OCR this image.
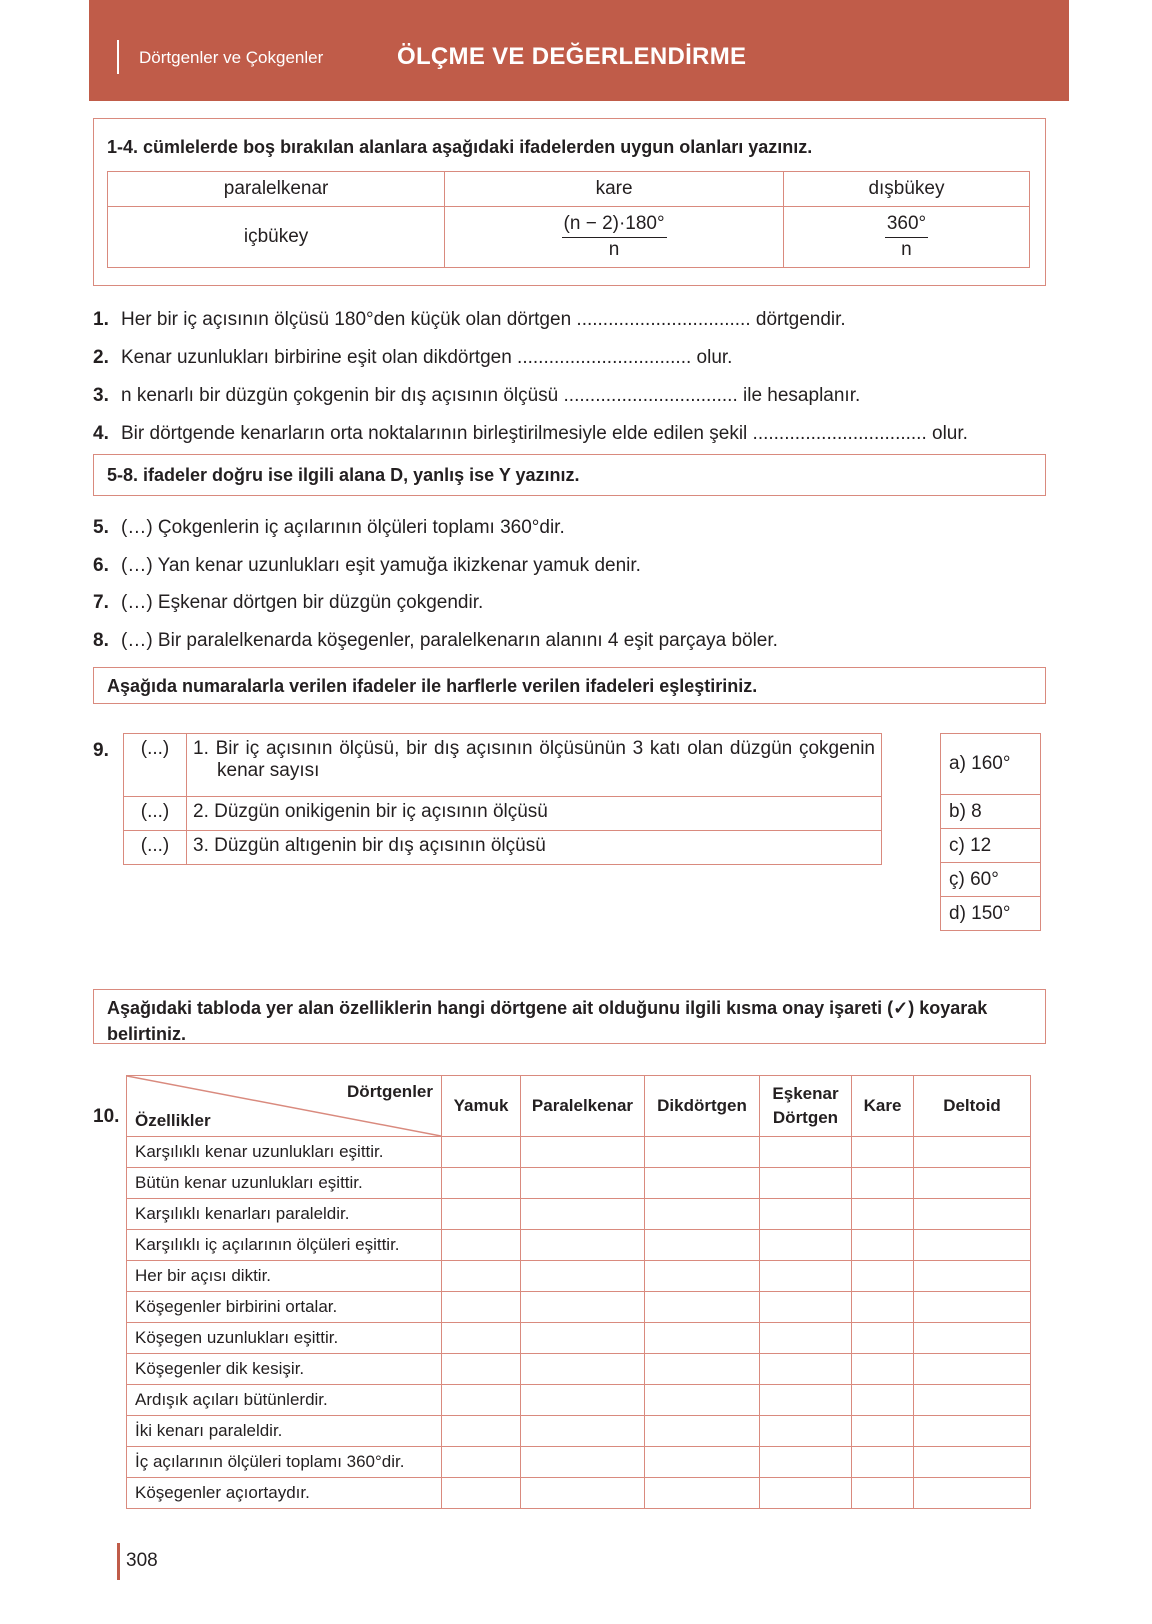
Dörtgenler ve Çokgenler	ÖLÇME VE DEĞERLENDİRME
1-4. cümlelerde boş bırakılan alanlara aşağıdaki ifadelerden uygun olanları yazınız.
paralelkenar	kare	dışbükey
içbükey	$\frac{(n - 2)\cdot 180^\circ}{n}$	$\frac{360^\circ}{n}$
1. Her bir iç açısının ölçüsü 180°den küçük olan dörtgen ................................. dörtgendir.
2. Kenar uzunlukları birbirine eşit olan dikdörtgen ................................. olur.
3. n kenarlı bir düzgün çokgenin bir dış açısının ölçüsü ................................. ile hesaplanır.
4. Bir dörtgende kenarların orta noktalarının birleştirilmesiyle elde edilen şekil ................................. olur.
5-8. ifadeler doğru ise ilgili alana D, yanlış ise Y yazınız.
5. (…) Çokgenlerin iç açılarının ölçüleri toplamı 360°dir.
6. (…) Yan kenar uzunlukları eşit yamuğa ikizkenar yamuk denir.
7. (…) Eşkenar dörtgen bir düzgün çokgendir.
8. (…) Bir paralelkenarda köşegenler, paralelkenarın alanını 4 eşit parçaya böler.
Aşağıda numaralarla verilen ifadeler ile harflerle verilen ifadeleri eşleştiriniz.
9. (...)	1. Bir iç açısının ölçüsü, bir dış açısının ölçüsünün 3 katı olan düzgün çokgenin kenar sayısı
(...)	2. Düzgün onikigenin bir iç açısının ölçüsü
(...)	3. Düzgün altıgenin bir dış açısının ölçüsü
a) 160°
b) 8
c) 12
ç) 60°
d) 150°
Aşağıdaki tabloda yer alan özelliklerin hangi dörtgene ait olduğunu ilgili kısma onay işareti (✓) koyarak belirtiniz.
10.
Dörtgenler
Özellikler	Yamuk	Paralelkenar	Dikdörtgen	Eşkenar Dörtgen	Kare	Deltoid
Karşılıklı kenar uzunlukları eşittir.						
Bütün kenar uzunlukları eşittir.						
Karşılıklı kenarları paraleldir.						
Karşılıklı iç açılarının ölçüleri eşittir.						
Her bir açısı diktir.						
Köşegenler birbirini ortalar.						
Köşegen uzunlukları eşittir.						
Köşegenler dik kesişir.						
Ardışık açıları bütünlerdir.						
İki kenarı paraleldir.						
İç açılarının ölçüleri toplamı 360°dir.						
Köşegenler açıortaydır.						
308
